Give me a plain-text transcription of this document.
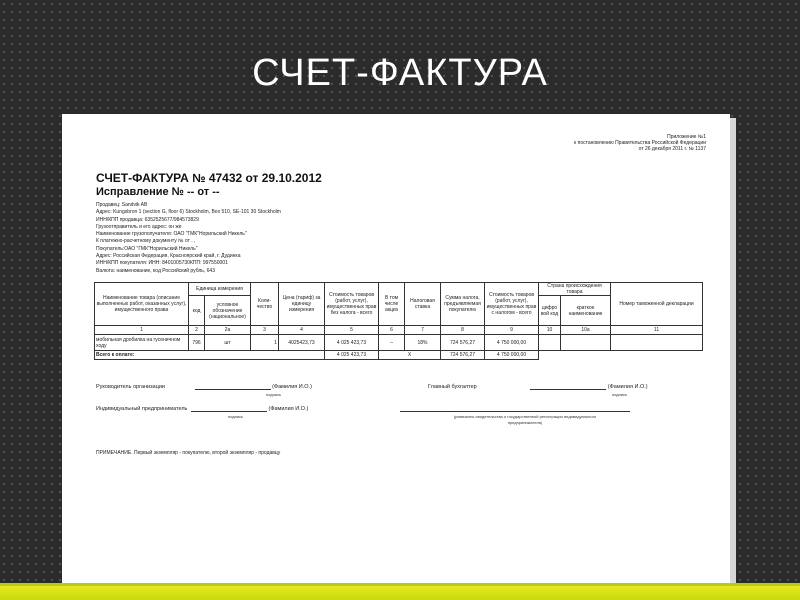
СЧЕТ-ФАКТУРА
Приложение №1
к постановлению Правительства Российской Федерации
от 26 декабря 2011 г. № 1137
СЧЕТ-ФАКТУРА № 47432 от 29.10.2012
Исправление № -- от --
Продавец: Sandvik AB
Адрес: Kungsbron 1 (section G, floor 6) Stockholm, Box 510, SE-101 30 Stockholm
ИНН/КПП продавца: 6352525677/984573829
Грузоотправитель и его адрес: он же
Наименование грузополучателя: ОАО "ГМК"Норильский Никель"
К платежно-расчетному документу № от . ,
Покупатель:ОАО "ГМК"Норильский Никель"
Адрес: Российская Федерация, Красноярский край, г. Дудинка
ИНН/КПП покупателя: ИНН: 8401005730КПП: 997550001
Валюта: наименование, код Российский рубль, 643
Наименование товара (описание выполненных работ, оказанных услуг), имущественного права	Единица измерения		Коли-чество	Цена (тариф) за единицу измерения	Стоимость товаров (работ, услуг), имущественных прав без налога - всего	В том числе акциз	Налоговая ставка	Сумма налога, предъявляемая покупателю	Стоимость товаров (работ, услуг), имущественных прав с налогом - всего	Страна происхождения товара		Номер таможенной декларации
	код	условное обозначение (национальное)								цифро вой код	краткое наименование	
1	2	2а	3	4	5	6	7	8	9	10	10а	11
мобильная дробилка на гусеничном ходу	796	шт	1	4025423,73	4 025 423,73	--	18%	724 576,27	4 750 000,00			
Всего к оплате:					4 025 423,73	X		724 576,27	4 750 000,00			
Руководитель организации	(Фамилия И.О.)
подпись
Главный бухгалтер	(Фамилия И.О.)
подпись
Индивидуальный предприниматель	(Фамилия И.О.)
подпись	(реквизиты свидетельства о государственной регистрации индивидуального предпринимателя)
ПРИМЕЧАНИЕ. Первый экземпляр - покупателю, второй экземпляр - продавцу
